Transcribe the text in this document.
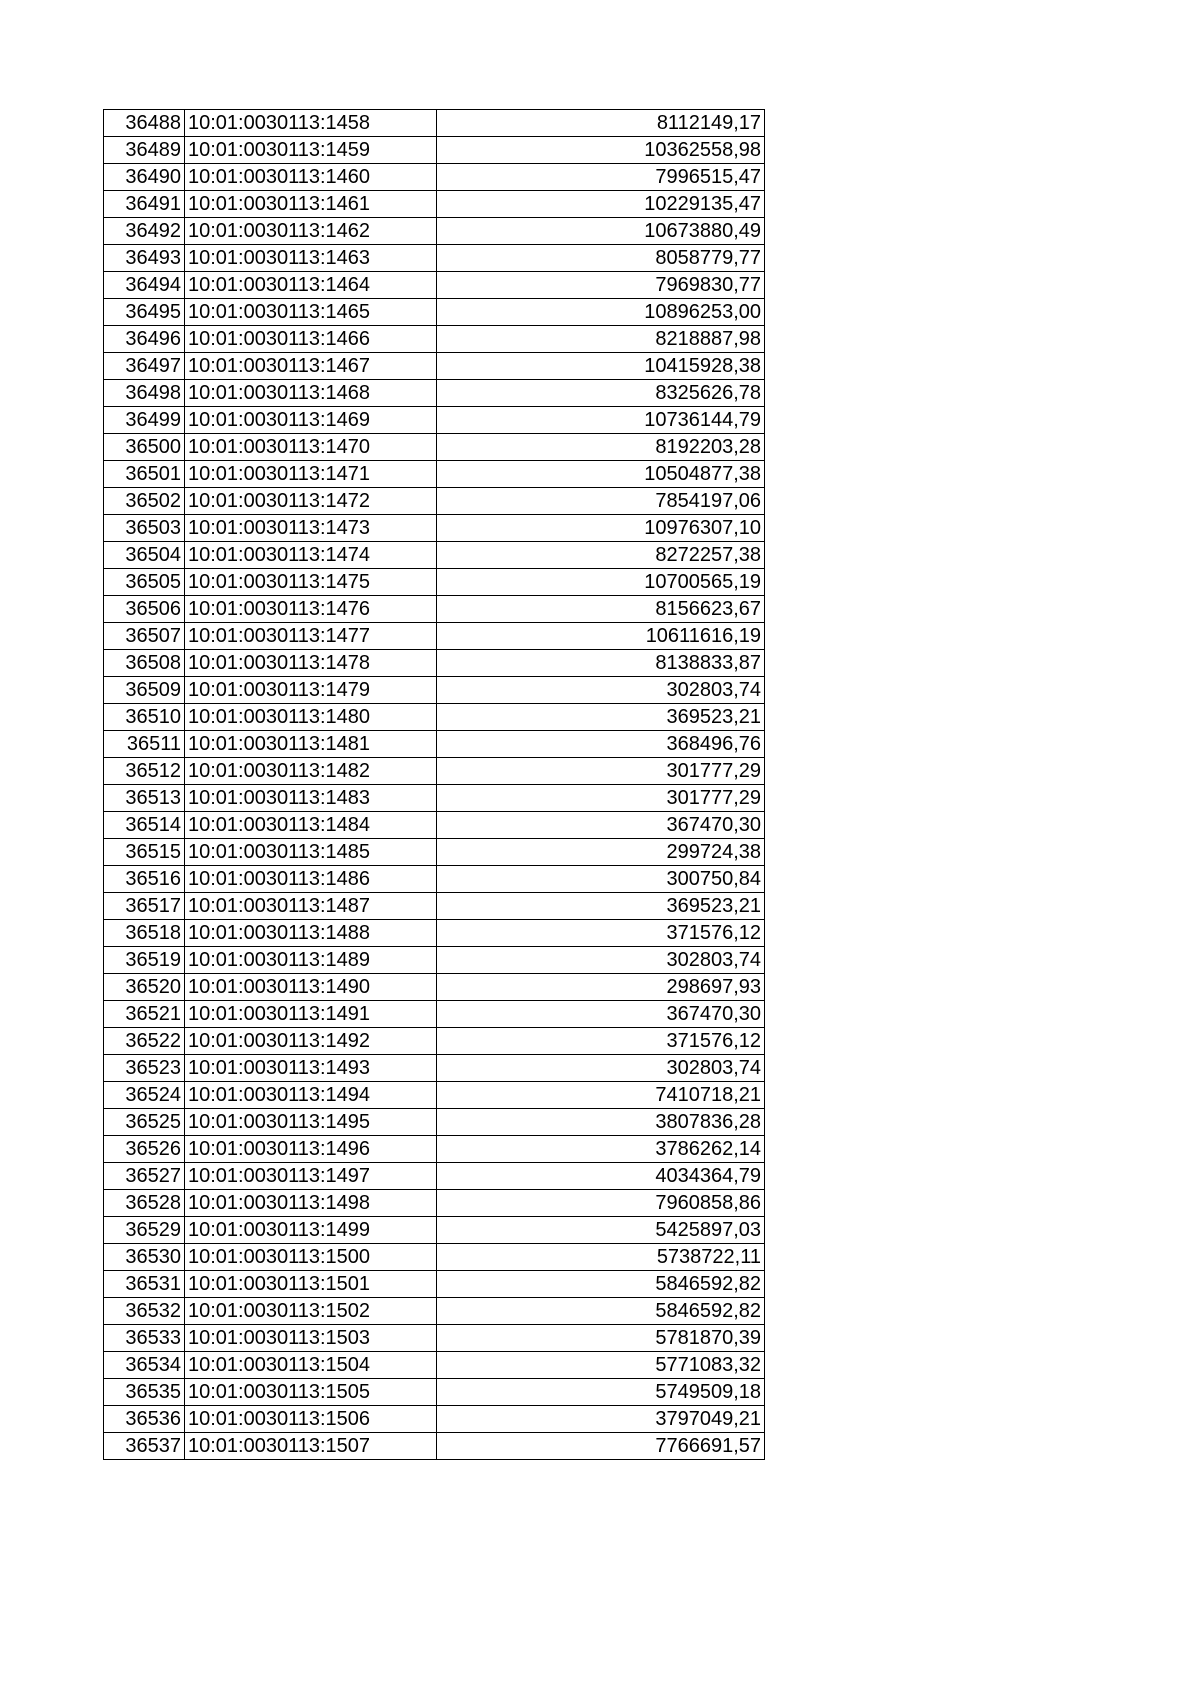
36488	10:01:0030113:1458	8112149,17
36489	10:01:0030113:1459	10362558,98
36490	10:01:0030113:1460	7996515,47
36491	10:01:0030113:1461	10229135,47
36492	10:01:0030113:1462	10673880,49
36493	10:01:0030113:1463	8058779,77
36494	10:01:0030113:1464	7969830,77
36495	10:01:0030113:1465	10896253,00
36496	10:01:0030113:1466	8218887,98
36497	10:01:0030113:1467	10415928,38
36498	10:01:0030113:1468	8325626,78
36499	10:01:0030113:1469	10736144,79
36500	10:01:0030113:1470	8192203,28
36501	10:01:0030113:1471	10504877,38
36502	10:01:0030113:1472	7854197,06
36503	10:01:0030113:1473	10976307,10
36504	10:01:0030113:1474	8272257,38
36505	10:01:0030113:1475	10700565,19
36506	10:01:0030113:1476	8156623,67
36507	10:01:0030113:1477	10611616,19
36508	10:01:0030113:1478	8138833,87
36509	10:01:0030113:1479	302803,74
36510	10:01:0030113:1480	369523,21
36511	10:01:0030113:1481	368496,76
36512	10:01:0030113:1482	301777,29
36513	10:01:0030113:1483	301777,29
36514	10:01:0030113:1484	367470,30
36515	10:01:0030113:1485	299724,38
36516	10:01:0030113:1486	300750,84
36517	10:01:0030113:1487	369523,21
36518	10:01:0030113:1488	371576,12
36519	10:01:0030113:1489	302803,74
36520	10:01:0030113:1490	298697,93
36521	10:01:0030113:1491	367470,30
36522	10:01:0030113:1492	371576,12
36523	10:01:0030113:1493	302803,74
36524	10:01:0030113:1494	7410718,21
36525	10:01:0030113:1495	3807836,28
36526	10:01:0030113:1496	3786262,14
36527	10:01:0030113:1497	4034364,79
36528	10:01:0030113:1498	7960858,86
36529	10:01:0030113:1499	5425897,03
36530	10:01:0030113:1500	5738722,11
36531	10:01:0030113:1501	5846592,82
36532	10:01:0030113:1502	5846592,82
36533	10:01:0030113:1503	5781870,39
36534	10:01:0030113:1504	5771083,32
36535	10:01:0030113:1505	5749509,18
36536	10:01:0030113:1506	3797049,21
36537	10:01:0030113:1507	7766691,57
